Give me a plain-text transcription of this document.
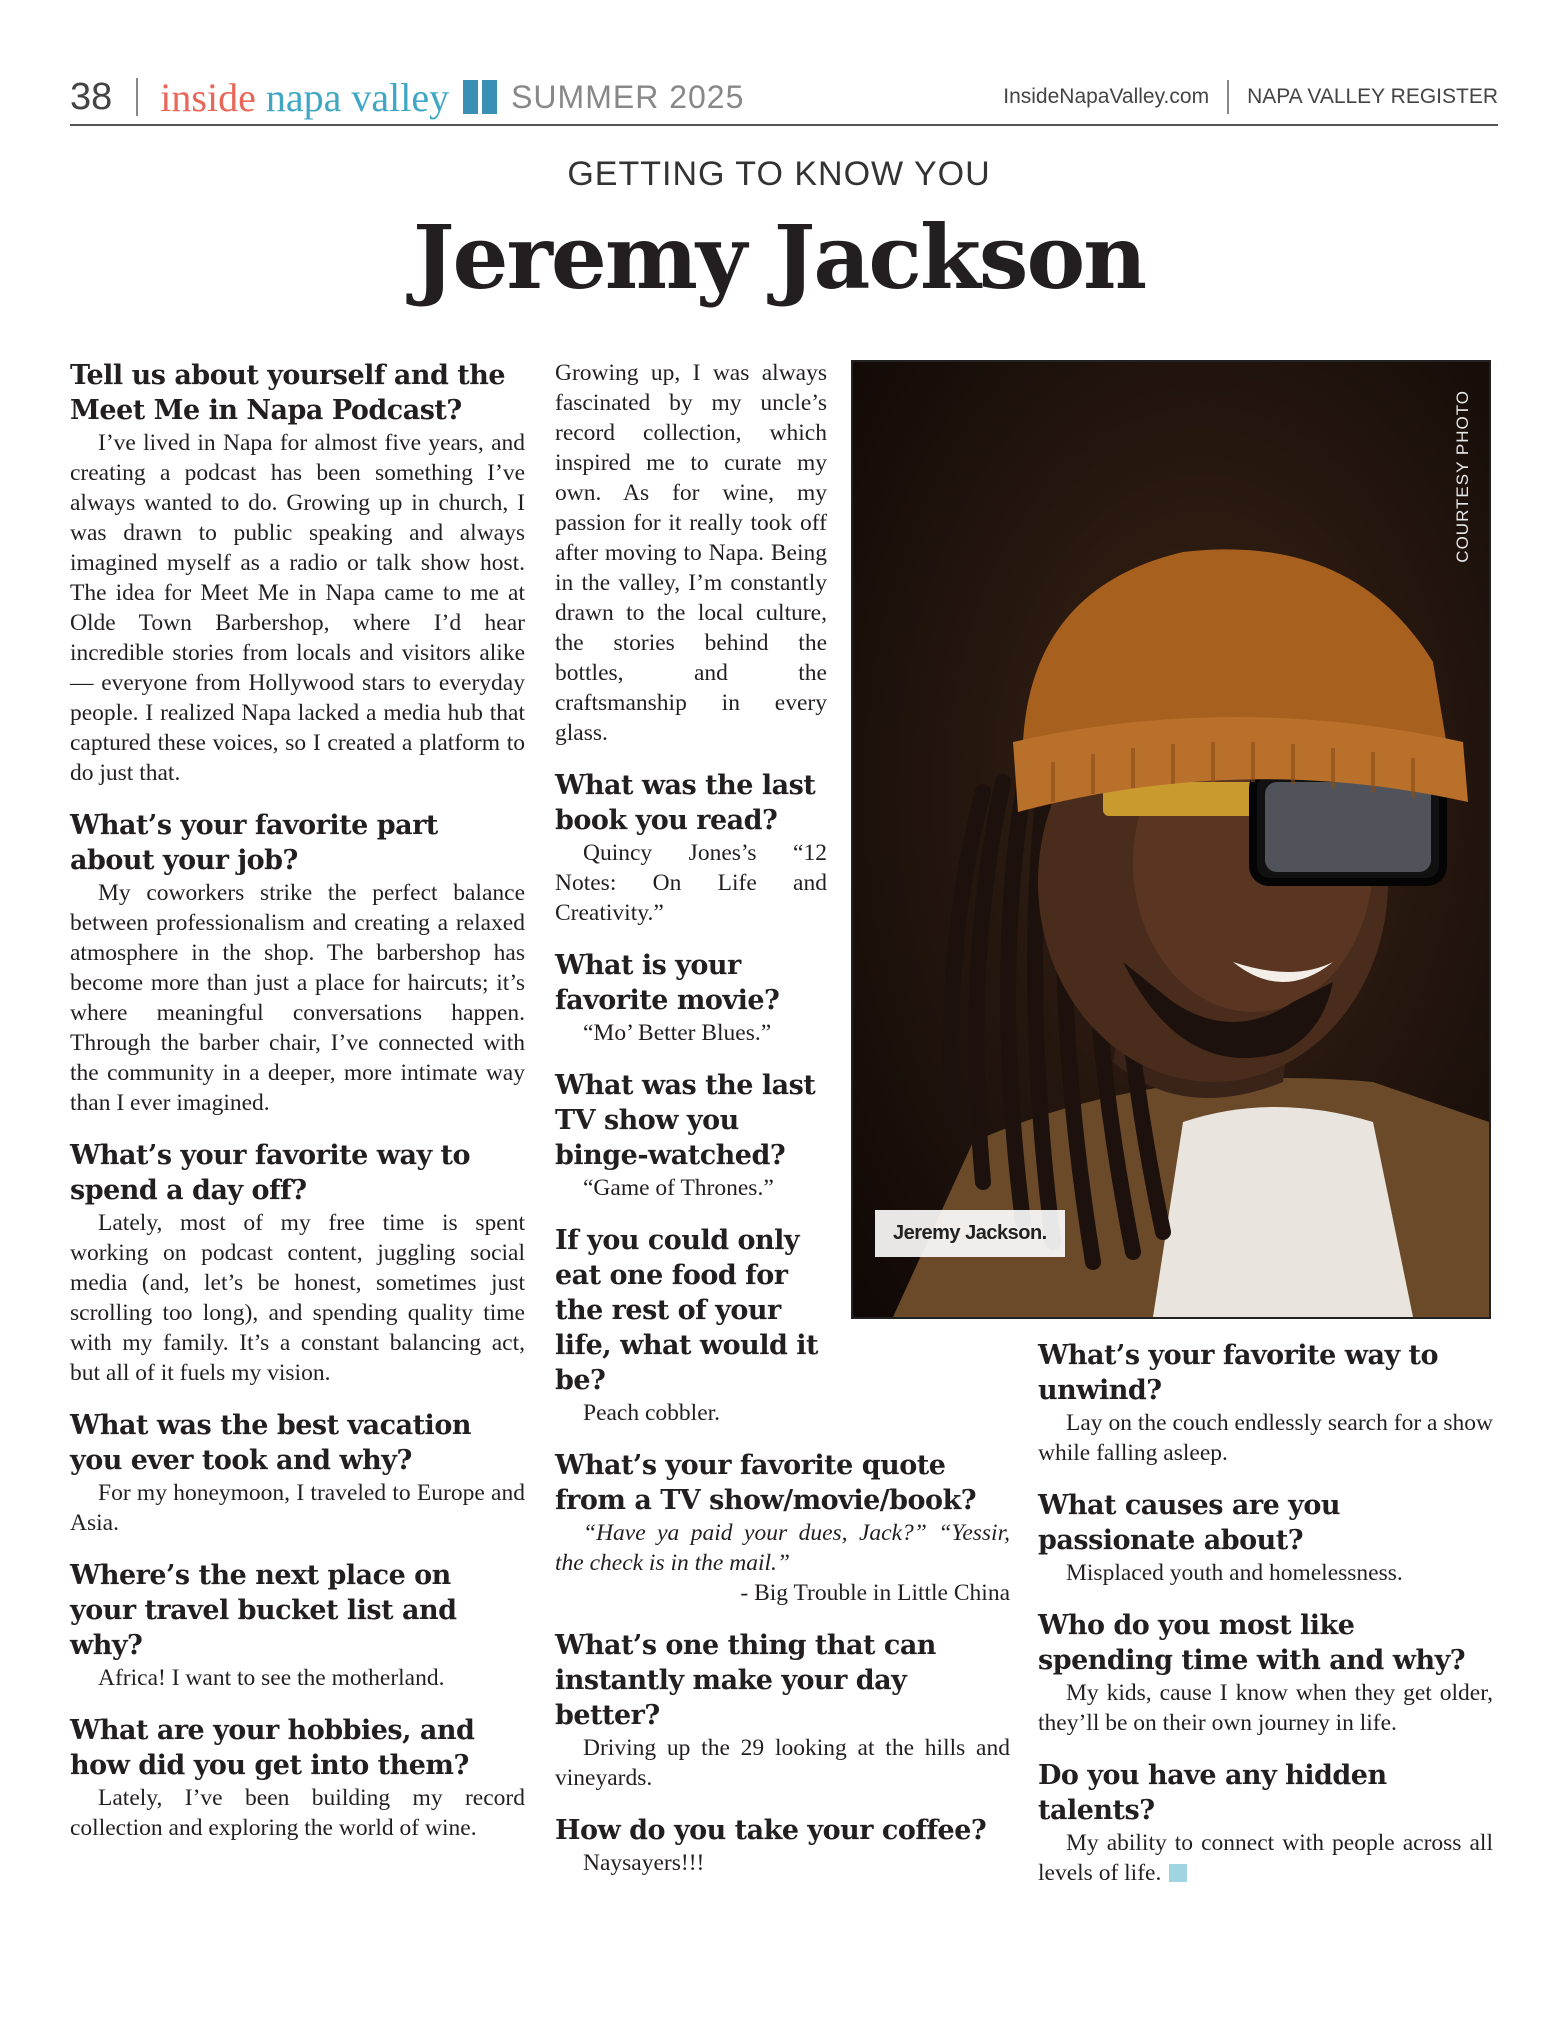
38 inside napa valley SUMMER 2025	InsideNapaValley.com NAPA VALLEY REGISTER
GETTING TO KNOW YOU
Jeremy Jackson
Tell us about yourself and the Meet Me in Napa Podcast?

I’ve lived in Napa for almost five years, and creating a podcast has been something I’ve always wanted to do. Growing up in church, I was drawn to public speaking and always imagined myself as a radio or talk show host. The idea for Meet Me in Napa came to me at Olde Town Barbershop, where I’d hear incredible stories from locals and visitors alike — everyone from Hollywood stars to everyday people. I realized Napa lacked a media hub that captured these voices, so I created a platform to do just that.

What’s your favorite part about your job?

My coworkers strike the perfect balance between professionalism and creating a relaxed atmosphere in the shop. The barbershop has become more than just a place for haircuts; it’s where meaningful conversations happen. Through the barber chair, I’ve connected with the community in a deeper, more intimate way than I ever imagined.

What’s your favorite way to spend a day off?

Lately, most of my free time is spent working on podcast content, juggling social media (and, let’s be honest, sometimes just scrolling too long), and spending quality time with my family. It’s a constant balancing act, but all of it fuels my vision.

What was the best vacation you ever took and why?

For my honeymoon, I traveled to Europe and Asia.

Where’s the next place on your travel bucket list and why?

Africa! I want to see the motherland.

What are your hobbies, and how did you get into them?

Lately, I’ve been building my record collection and exploring the world of wine.

Growing up, I was always fascinated by my uncle’s record collection, which inspired me to curate my own. As for wine, my passion for it really took off after moving to Napa. Being in the valley, I’m constantly drawn to the local culture, the stories behind the bottles, and the craftsmanship in every glass.

What was the last book you read?

Quincy Jones’s “12 Notes: On Life and Creativity.”

What is your favorite movie?

“Mo’ Better Blues.”

What was the last TV show you binge-watched?

“Game of Thrones.”

If you could only eat one food for the rest of your life, what would it be?

Peach cobbler.

What’s your favorite quote from a TV show/movie/book?

“Have ya paid your dues, Jack?” “Yessir, the check is in the mail.”

- Big Trouble in Little China

What’s one thing that can instantly make your day better?

Driving up the 29 looking at the hills and vineyards.

How do you take your coffee?

Naysayers!!!

COURTESY PHOTO
Jeremy Jackson.
What’s your favorite way to unwind?

Lay on the couch endlessly search for a show while falling asleep.

What causes are you passionate about?

Misplaced youth and homelessness.

Who do you most like spending time with and why?

My kids, cause I know when they get older, they’ll be on their own journey in life.

Do you have any hidden talents?

My ability to connect with people across all levels of life.
